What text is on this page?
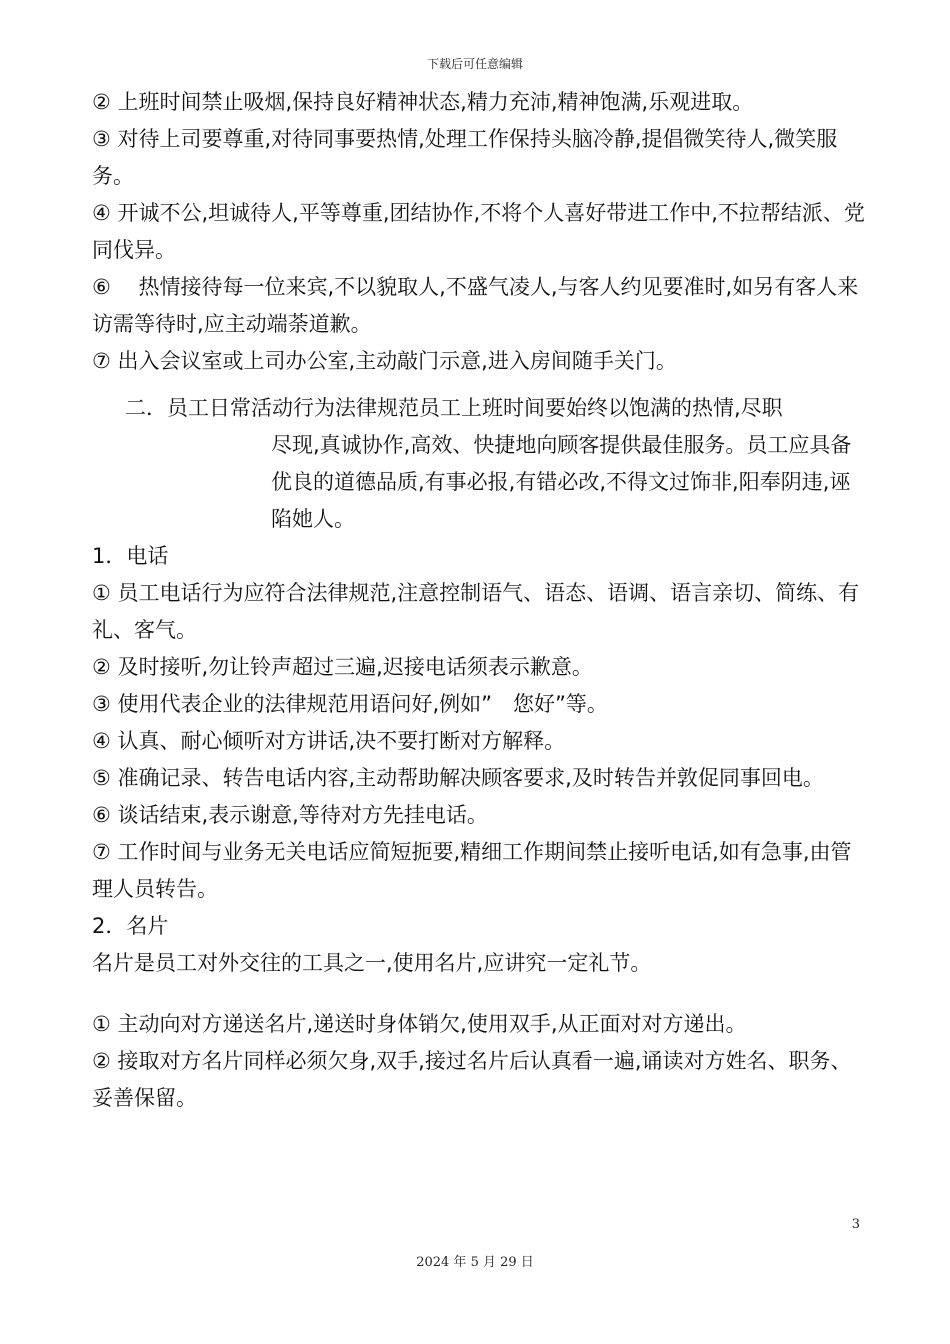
下载后可任意编辑

② 上班时间禁止吸烟,保持良好精神状态,精力充沛,精神饱满,乐观进取。

③ 对待上司要尊重,对待同事要热情,处理工作保持头脑冷静,提倡微笑待人,微笑服务。

④ 开诚不公,坦诚待人,平等尊重,团结协作,不将个人喜好带进工作中,不拉帮结派、党同伐异。

⑥　 热情接待每一位来宾,不以貌取人,不盛气凌人,与客人约见要准时,如另有客人来访需等待时,应主动端荼道歉。

⑦ 出入会议室或上司办公室,主动敲门示意,进入房间随手关门。

二．员工日常活动行为法律规范员工上班时间要始终以饱满的热情,尽职

尽现,真诚协作,高效、快捷地向顾客提供最佳服务。员工应具备优良的道德品质,有事必报,有错必改,不得文过饰非,阳奉阴违,诬陷她人。

1．电话

① 员工电话行为应符合法律规范,注意控制语气、语态、语调、语言亲切、简练、有礼、客气。

② 及时接听,勿让铃声超过三遍,迟接电话须表示歉意。

③ 使用代表企业的法律规范用语问好,例如”　您好”等。

④ 认真、耐心倾听对方讲话,决不要打断对方解释。

⑤ 准确记录、转告电话内容,主动帮助解决顾客要求,及时转告并敦促同事回电。

⑥ 谈话结束,表示谢意,等待对方先挂电话。

⑦ 工作时间与业务无关电话应简短扼要,精细工作期间禁止接听电话,如有急事,由管理人员转告。

2．名片

名片是员工对外交往的工具之一,使用名片,应讲究一定礼节。

① 主动向对方递送名片,递送时身体销欠,使用双手,从正面对对方递出。

② 接取对方名片同样必须欠身,双手,接过名片后认真看一遍,诵读对方姓名、职务、妥善保留。

3
2024 年 5 月 29 日
